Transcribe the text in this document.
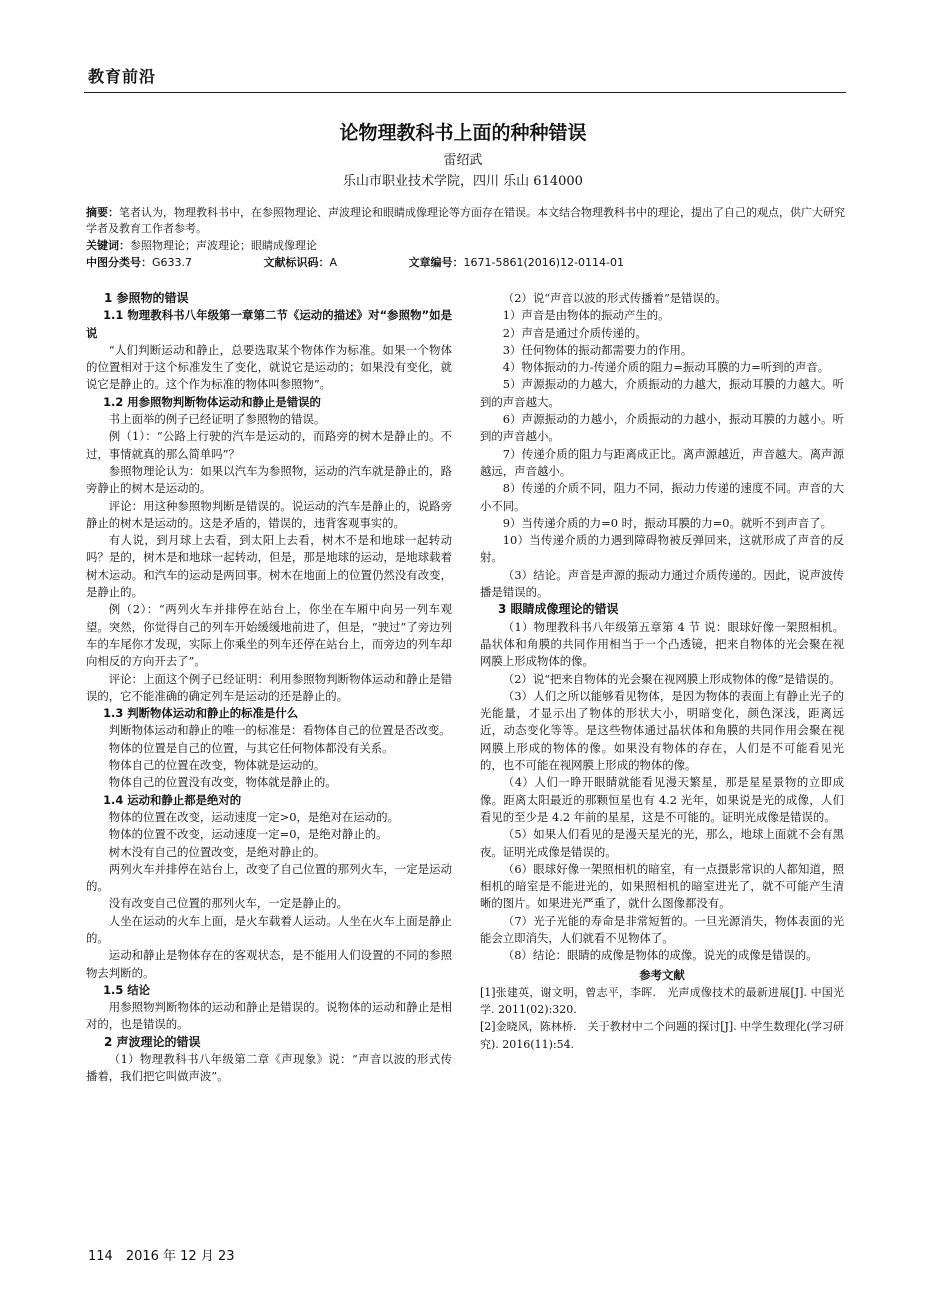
教育前沿
论物理教科书上面的种种错误
雷绍武
乐山市职业技术学院，四川 乐山 614000
摘要：笔者认为，物理教科书中，在参照物理论、声波理论和眼睛成像理论等方面存在错误。本文结合物理教科书中的理论，提出了自己的观点，供广大研究学者及教育工作者参考。
关键词：参照物理论；声波理论；眼睛成像理论
中图分类号：G633.7	文献标识码：A	文章编号：1671-5861(2016)12-0114-01

1 参照物的错误

1.1 物理教科书八年级第一章第二节《运动的描述》对“参照物”如是说

“人们判断运动和静止，总要选取某个物体作为标准。如果一个物体的位置相对于这个标准发生了变化，就说它是运动的；如果没有变化，就说它是静止的。这个作为标准的物体叫参照物”。

1.2 用参照物判断物体运动和静止是错误的

书上面举的例子已经证明了参照物的错误。

例（1）：“公路上行驶的汽车是运动的，而路旁的树木是静止的。不过，事情就真的那么简单吗”？

参照物理论认为：如果以汽车为参照物，运动的汽车就是静止的，路旁静止的树木是运动的。

评论：用这种参照物判断是错误的。说运动的汽车是静止的，说路旁静止的树木是运动的。这是矛盾的，错误的，违背客观事实的。

有人说，到月球上去看，到太阳上去看，树木不是和地球一起转动吗？是的，树木是和地球一起转动，但是，那是地球的运动，是地球载着树木运动。和汽车的运动是两回事。树木在地面上的位置仍然没有改变，是静止的。

例（2）：“两列火车并排停在站台上，你坐在车厢中向另一列车观望。突然，你觉得自己的列车开始缓缓地前进了，但是，“驶过”了旁边列车的车尾你才发现，实际上你乘坐的列车还停在站台上，而旁边的列车却向相反的方向开去了”。

评论：上面这个例子已经证明：利用参照物判断物体运动和静止是错误的，它不能准确的确定列车是运动的还是静止的。

1.3 判断物体运动和静止的标准是什么

判断物体运动和静止的唯一的标准是：看物体自己的位置是否改变。

物体的位置是自己的位置，与其它任何物体都没有关系。

物体自己的位置在改变，物体就是运动的。

物体自己的位置没有改变，物体就是静止的。

1.4 运动和静止都是绝对的

物体的位置在改变，运动速度一定>0，是绝对在运动的。

物体的位置不改变，运动速度一定=0，是绝对静止的。

树木没有自己的位置改变，是绝对静止的。

两列火车并排停在站台上，改变了自己位置的那列火车，一定是运动的。

没有改变自己位置的那列火车，一定是静止的。

人坐在运动的火车上面，是火车载着人运动。人坐在火车上面是静止的。

运动和静止是物体存在的客观状态，是不能用人们设置的不同的参照物去判断的。

1.5 结论

用参照物判断物体的运动和静止是错误的。说物体的运动和静止是相对的，也是错误的。

2 声波理论的错误

（1）物理教科书八年级第二章《声现象》说：“声音以波的形式传播着，我们把它叫做声波”。

（2）说“声音以波的形式传播着”是错误的。

1）声音是由物体的振动产生的。

2）声音是通过介质传递的。

3）任何物体的振动都需要力的作用。

4）物体振动的力-传递介质的阻力=振动耳膜的力=听到的声音。

5）声源振动的力越大，介质振动的力越大，振动耳膜的力越大。听到的声音越大。

6）声源振动的力越小，介质振动的力越小，振动耳膜的力越小。听到的声音越小。

7）传递介质的阻力与距离成正比。离声源越近，声音越大。离声源越远，声音越小。

8）传递的介质不同，阻力不同，振动力传递的速度不同。声音的大小不同。

9）当传递介质的力=0 时，振动耳膜的力=0。就听不到声音了。

10）当传递介质的力遇到障碍物被反弹回来，这就形成了声音的反射。

（3）结论。声音是声源的振动力通过介质传递的。因此，说声波传播是错误的。

3 眼睛成像理论的错误

（1）物理教科书八年级第五章第 4 节 说：眼球好像一架照相机。晶状体和角膜的共同作用相当于一个凸透镜，把来自物体的光会聚在视网膜上形成物体的像。

（2）说“把来自物体的光会聚在视网膜上形成物体的像”是错误的。

（3）人们之所以能够看见物体，是因为物体的表面上有静止光子的光能量，才显示出了物体的形状大小，明暗变化，颜色深浅，距离远近，动态变化等等。是这些物体通过晶状体和角膜的共同作用会聚在视网膜上形成的物体的像。如果没有物体的存在，人们是不可能看见光的，也不可能在视网膜上形成的物体的像。

（4）人们一睁开眼睛就能看见漫天繁星，那是星星景物的立即成像。距离太阳最近的那颗恒星也有 4.2 光年，如果说是光的成像，人们看见的至少是 4.2 年前的星星，这是不可能的。证明光成像是错误的。

（5）如果人们看见的是漫天星光的光，那么，地球上面就不会有黑夜。证明光成像是错误的。

（6）眼球好像一架照相机的暗室，有一点摄影常识的人都知道，照相机的暗室是不能进光的，如果照相机的暗室进光了，就不可能产生清晰的图片。如果进光严重了，就什么图像都没有。

（7）光子光能的寿命是非常短暂的。一旦光源消失，物体表面的光能会立即消失，人们就看不见物体了。

（8）结论：眼睛的成像是物体的成像。说光的成像是错误的。

参考文献

[1]张建英，谢文明，曾志平，李晖.　光声成像技术的最新进展[J]. 中国光学. 2011(02):320.

[2]金晓风，陈林桥.　关于教材中二个问题的探讨[J]. 中学生数理化(学习研究). 2016(11):54.

114　2016 年 12 月 23
